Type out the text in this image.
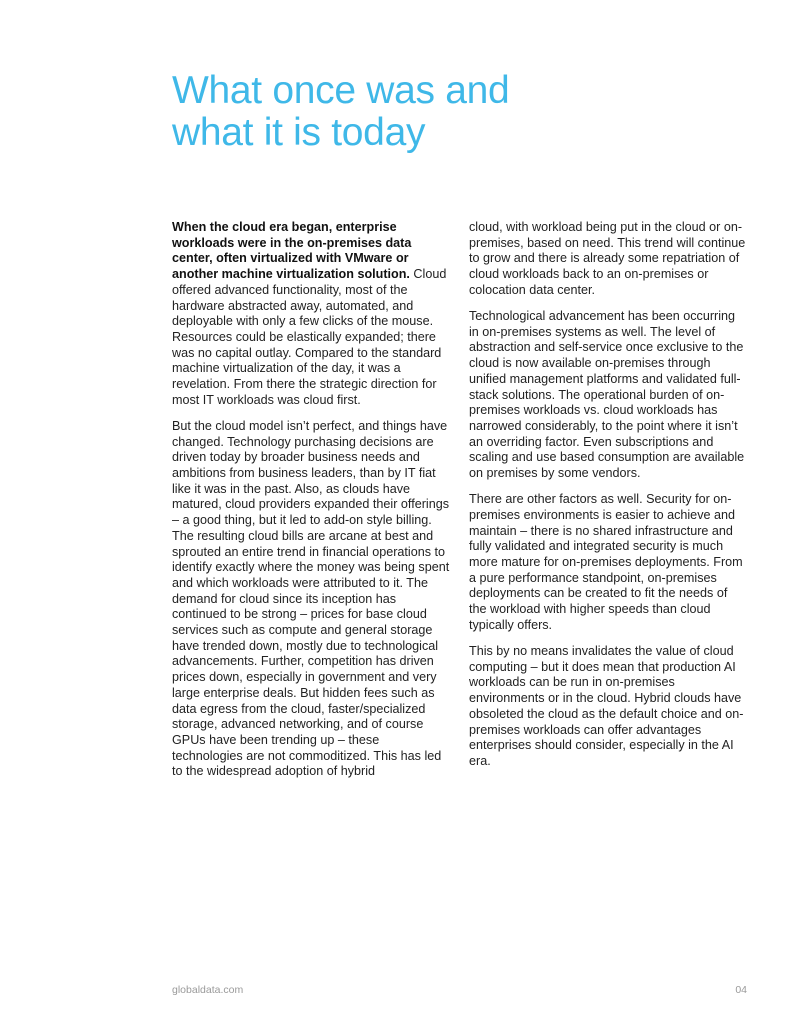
What once was and
what it is today

When the cloud era began, enterprise workloads were in the on-premises data center, often virtualized with VMware or another machine virtualization solution. Cloud offered advanced functionality, most of the hardware abstracted away, automated, and deployable with only a few clicks of the mouse. Resources could be elastically expanded; there was no capital outlay. Compared to the standard machine virtualization of the day, it was a revelation. From there the strategic direction for most IT workloads was cloud first.

But the cloud model isn’t perfect, and things have changed. Technology purchasing decisions are driven today by broader business needs and ambitions from business leaders, than by IT fiat like it was in the past. Also, as clouds have matured, cloud providers expanded their offerings – a good thing, but it led to add-on style billing. The resulting cloud bills are arcane at best and sprouted an entire trend in financial operations to identify exactly where the money was being spent and which workloads were attributed to it. The demand for cloud since its inception has continued to be strong – prices for base cloud services such as compute and general storage have trended down, mostly due to technological advancements. Further, competition has driven prices down, especially in government and very large enterprise deals. But hidden fees such as data egress from the cloud, faster/specialized storage, advanced networking, and of course GPUs have been trending up – these technologies are not commoditized. This has led to the widespread adoption of hybrid

cloud, with workload being put in the cloud or on-premises, based on need. This trend will continue to grow and there is already some repatriation of cloud workloads back to an on-premises or colocation data center.

Technological advancement has been occurring in on-premises systems as well. The level of abstraction and self-service once exclusive to the cloud is now available on-premises through unified management platforms and validated full-stack solutions. The operational burden of on-premises workloads vs. cloud workloads has narrowed considerably, to the point where it isn’t an overriding factor. Even subscriptions and scaling and use based consumption are available on premises by some vendors.

There are other factors as well. Security for on-premises environments is easier to achieve and maintain – there is no shared infrastructure and fully validated and integrated security is much more mature for on-premises deployments. From a pure performance standpoint, on-premises deployments can be created to fit the needs of the workload with higher speeds than cloud typically offers.

This by no means invalidates the value of cloud computing – but it does mean that production AI workloads can be run in on-premises environments or in the cloud. Hybrid clouds have obsoleted the cloud as the default choice and on-premises workloads can offer advantages enterprises should consider, especially in the AI era.

globaldata.com	04
